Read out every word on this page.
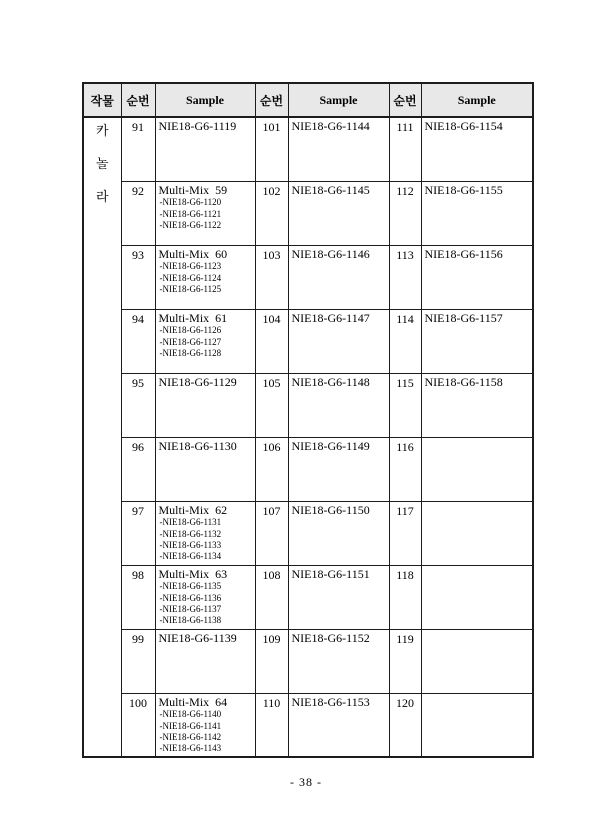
작물	순번	Sample	순번	Sample	순번	Sample

카
놀
라	91	NIE18-G6-1119	101	NIE18-G6-1144	111	NIE18-G6-1154

	92	Multi-Mix  59
-NIE18-G6-1120
-NIE18-G6-1121
-NIE18-G6-1122	102	NIE18-G6-1145	112	NIE18-G6-1155

	93	Multi-Mix  60
-NIE18-G6-1123
-NIE18-G6-1124
-NIE18-G6-1125	103	NIE18-G6-1146	113	NIE18-G6-1156

	94	Multi-Mix  61
-NIE18-G6-1126
-NIE18-G6-1127
-NIE18-G6-1128	104	NIE18-G6-1147	114	NIE18-G6-1157

	95	NIE18-G6-1129	105	NIE18-G6-1148	115	NIE18-G6-1158

	96	NIE18-G6-1130	106	NIE18-G6-1149	116	

	97	Multi-Mix  62
-NIE18-G6-1131
-NIE18-G6-1132
-NIE18-G6-1133
-NIE18-G6-1134	107	NIE18-G6-1150	117	

	98	Multi-Mix  63
-NIE18-G6-1135
-NIE18-G6-1136
-NIE18-G6-1137
-NIE18-G6-1138	108	NIE18-G6-1151	118	

	99	NIE18-G6-1139	109	NIE18-G6-1152	119	

	100	Multi-Mix  64
-NIE18-G6-1140
-NIE18-G6-1141
-NIE18-G6-1142
-NIE18-G6-1143	110	NIE18-G6-1153	120	
- 38 -
